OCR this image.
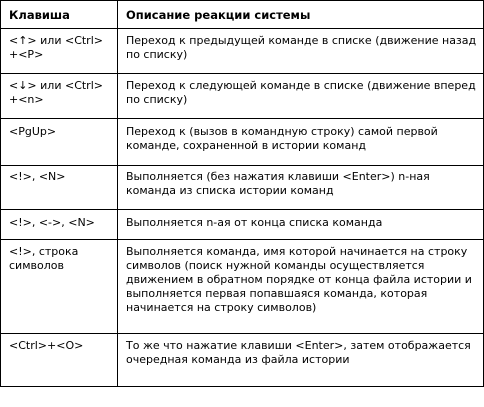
Клавиша	Описание реакции системы

<↑> или <Ctrl> +<P>	Переход к предыдущей команде в списке (движение назад по списку)

<↓> или <Ctrl> +<n>	Переход к следующей команде в списке (движение вперед по списку)

<PgUp>	Переход к (вызов в командную строку) самой первой команде, сохраненной в истории команд

<!>, <N>	Выполняется (без нажатия клавиши <Enter>) n-ная команда из списка истории команд

<!>, <->, <N>	Выполняется n-ая от конца списка команда

<!>, строка символов	Выполняется команда, имя которой начинается на строку символов (поиск нужной команды осуществляется движением в обратном порядке от конца файла истории и выполняется первая попавшаяся команда, которая начинается на строку символов)

<Ctrl>+<O>	То же что нажатие клавиши <Enter>, затем отображается очередная команда из файла истории
